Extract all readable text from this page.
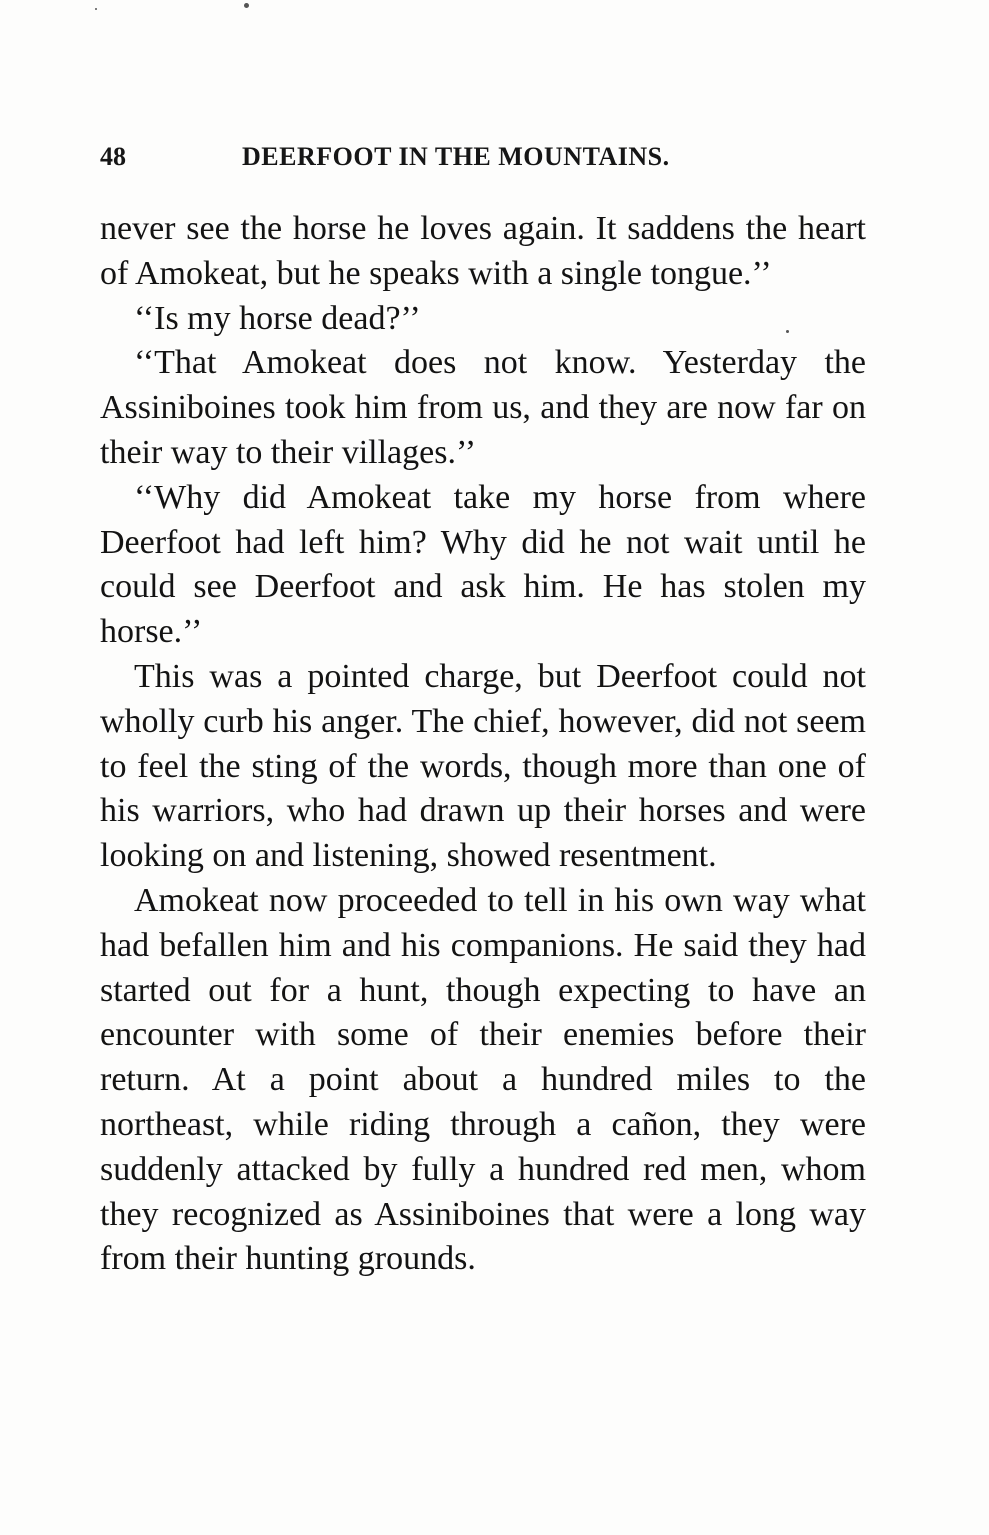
48	DEERFOOT IN THE MOUNTAINS.

never see the horse he loves again. It saddens the heart of Amokeat, but he speaks with a single tongue.’’

‘‘Is my horse dead?’’

‘‘That Amokeat does not know. Yesterday the Assiniboines took him from us, and they are now far on their way to their villages.’’

‘‘Why did Amokeat take my horse from where Deerfoot had left him? Why did he not wait until he could see Deerfoot and ask him. He has stolen my horse.’’

This was a pointed charge, but Deerfoot could not wholly curb his anger. The chief, however, did not seem to feel the sting of the words, though more than one of his warriors, who had drawn up their horses and were looking on and listening, showed resentment.

Amokeat now proceeded to tell in his own way what had befallen him and his companions. He said they had started out for a hunt, though expecting to have an encounter with some of their enemies before their return. At a point about a hundred miles to the northeast, while riding through a cañon, they were suddenly attacked by fully a hundred red men, whom they recognized as Assiniboines that were a long way from their hunting grounds.
